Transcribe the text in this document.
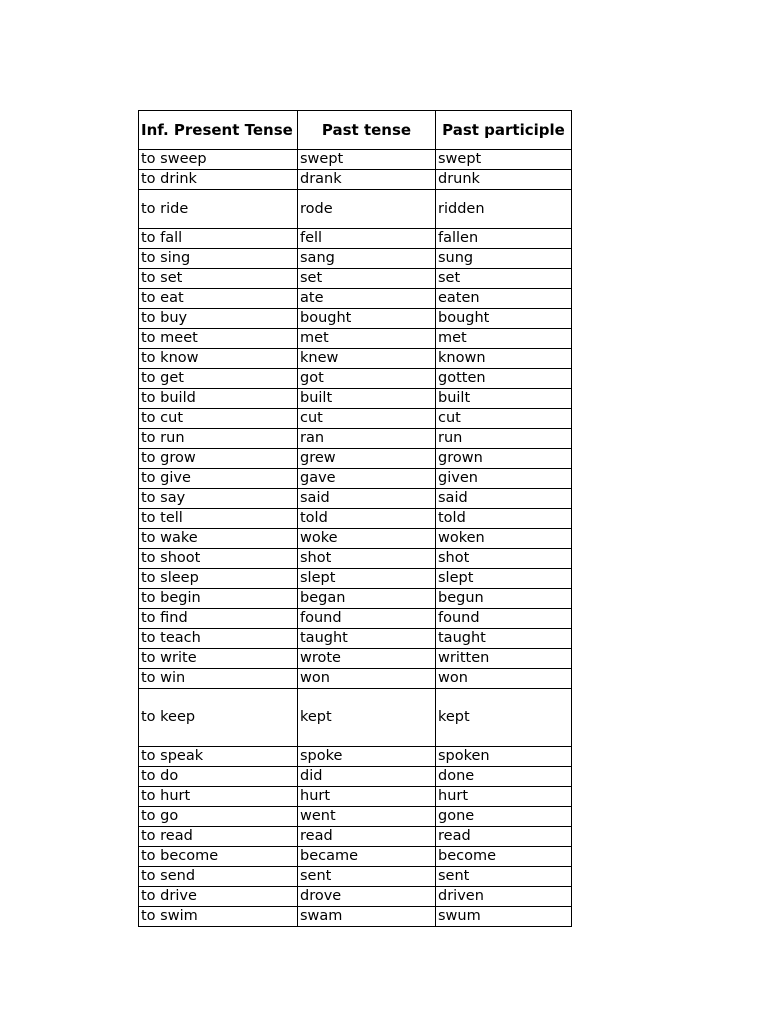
Inf. Present Tense	Past tense	Past participle
to sweep	swept	swept
to drink	drank	drunk
to ride	rode	ridden
to fall	fell	fallen
to sing	sang	sung
to set	set	set
to eat	ate	eaten
to buy	bought	bought
to meet	met	met
to know	knew	known
to get	got	gotten
to build	built	built
to cut	cut	cut
to run	ran	run
to grow	grew	grown
to give	gave	given
to say	said	said
to tell	told	told
to wake	woke	woken
to shoot	shot	shot
to sleep	slept	slept
to begin	began	begun
to find	found	found
to teach	taught	taught
to write	wrote	written
to win	won	won
to keep	kept	kept
to speak	spoke	spoken
to do	did	done
to hurt	hurt	hurt
to go	went	gone
to read	read	read
to become	became	become
to send	sent	sent
to drive	drove	driven
to swim	swam	swum
